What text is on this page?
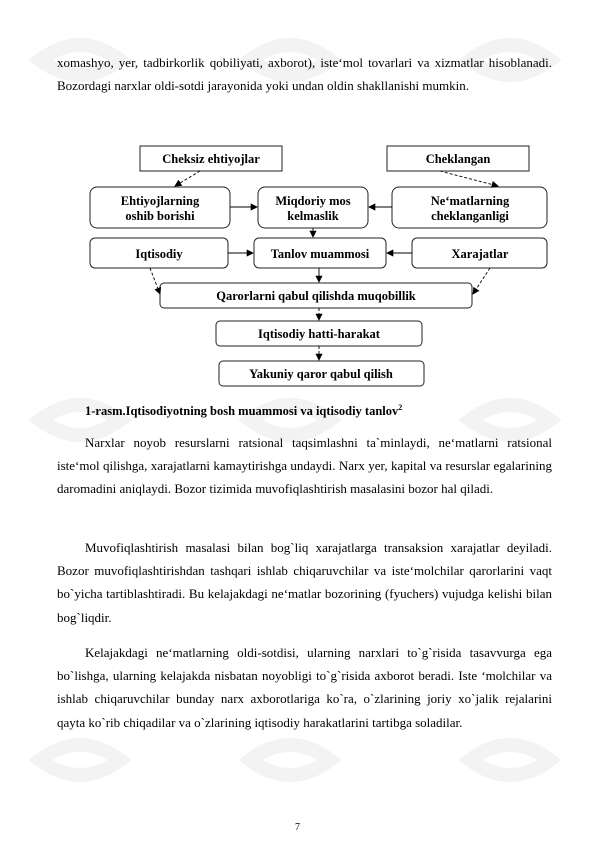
xomashyo, yer, tadbirkorlik qobiliyati, axborot), iste‘mol tovarlari va xizmatlar hisoblanadi. Bozordagi narxlar oldi-sotdi jarayonida yoki undan oldin shakllanishi mumkin.

Cheksiz ehtiyojlar	Cheklangan
Ehtiyojlarning
oshib borishi
Miqdoriy mos
kelmaslik
Ne‘matlarning
cheklanganligi
Iqtisodiy	Tanlov muammosi	Xarajatlar
Qarorlarni qabul qilishda muqobillik
Iqtisodiy hatti-harakat
Yakuniy qaror qabul qilish

1-rasm.Iqtisodiyotning bosh muammosi va iqtisodiy tanlov$^2$

Narxlar noyob resurslarni ratsional taqsimlashni ta`minlaydi, ne‘matlarni ratsional iste‘mol qilishga, xarajatlarni kamaytirishga undaydi. Narx yer, kapital va resurslar egalarining daromadini aniqlaydi. Bozor tizimida muvofiqlashtirish masalasini bozor hal qiladi.

Muvofiqlashtirish masalasi bilan bog`liq xarajatlarga transaksion xarajatlar deyiladi. Bozor muvofiqlashtirishdan tashqari ishlab chiqaruvchilar va iste‘molchilar qarorlarini vaqt bo`yicha tartiblashtiradi. Bu kelajakdagi ne‘matlar bozorining (fyuchers) vujudga kelishi bilan bog`liqdir.

Kelajakdagi ne‘matlarning oldi-sotdisi, ularning narxlari to`g`risida tasavvurga ega bo`lishga, ularning kelajakda nisbatan noyobligi to`g`risida axborot beradi. Iste ‘molchilar va ishlab chiqaruvchilar bunday narx axborotlariga ko`ra, o`zlarining joriy xo`jalik rejalarini qayta ko`rib chiqadilar va o`zlarining iqtisodiy harakatlarini tartibga soladilar.

7
